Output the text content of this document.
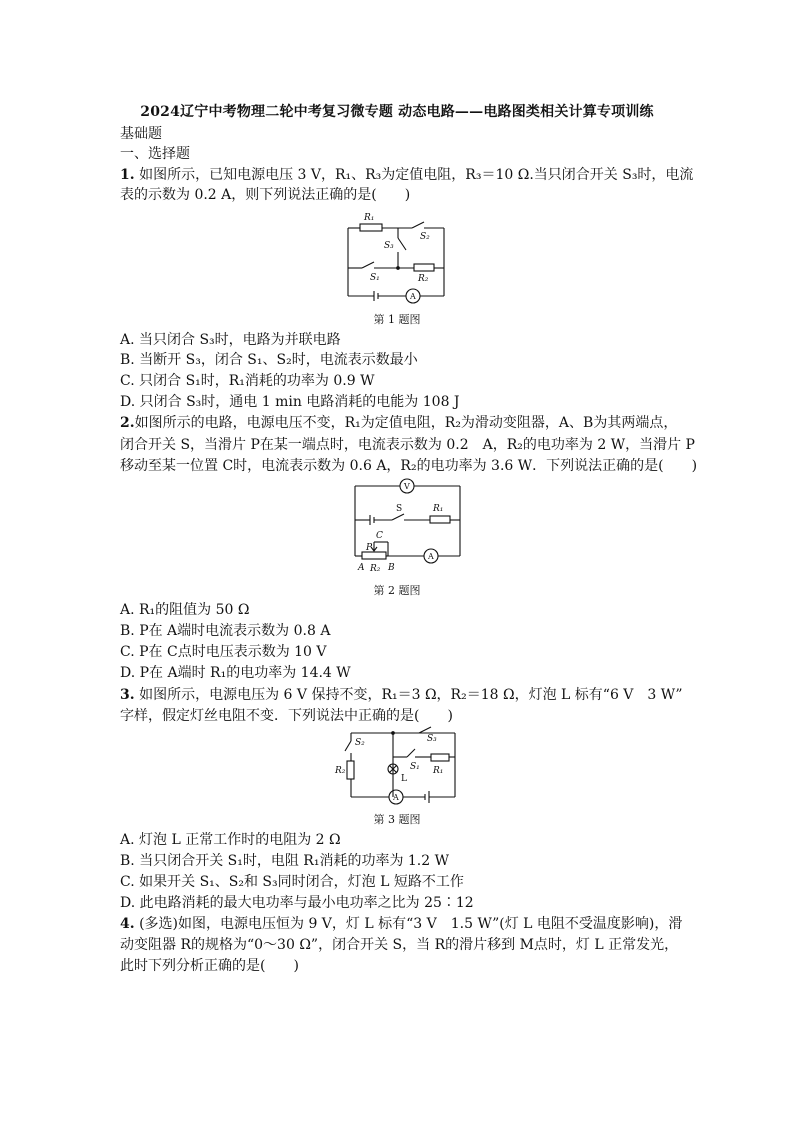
2024辽宁中考物理二轮中考复习微专题 动态电路——电路图类相关计算专项训练
基础题
一、选择题
1. 如图所示，已知电源电压 3 V，R₁、R₃为定值电阻，R₃＝10 Ω.当只闭合开关 S₃时，电流
表的示数为 0.2 A，则下列说法正确的是(　　)
R₁
S₂
S₃
S₁	R₂
A
第 1 题图
A. 当只闭合 S₃时，电路为并联电路
B. 当断开 S₃，闭合 S₁、S₂时，电流表示数最小
C. 只闭合 S₁时，R₁消耗的功率为 0.9 W
D. 只闭合 S₃时，通电 1 min 电路消耗的电能为 108 J
2.如图所示的电路，电源电压不变，R₁为定值电阻，R₂为滑动变阻器，A、B为其两端点，
闭合开关 S，当滑片 P在某一端点时，电流表示数为 0.2　A，R₂的电功率为 2 W，当滑片 P
移动至某一位置 C时，电流表示数为 0.6 A，R₂的电功率为 3.6 W．下列说法正确的是(　　)
V
S	R₁
C
P
A R₂ B
A
第 2 题图
A. R₁的阻值为 50 Ω
B. P在 A端时电流表示数为 0.8 A
C. P在 C点时电压表示数为 10 V
D. P在 A端时 R₁的电功率为 14.4 W
3. 如图所示，电源电压为 6 V 保持不变，R₁＝3 Ω，R₂＝18 Ω，灯泡 L 标有“6 V　3 W”
字样，假定灯丝电阻不变．下列说法中正确的是(　　)
S₂	S₃
S₁
R₂
L
R₁
A
第 3 题图
A. 灯泡 L 正常工作时的电阻为 2 Ω
B. 当只闭合开关 S₁时，电阻 R₁消耗的功率为 1.2 W
C. 如果开关 S₁、S₂和 S₃同时闭合，灯泡 L 短路不工作
D. 此电路消耗的最大电功率与最小电功率之比为 25∶12
4. (多选)如图，电源电压恒为 9 V，灯 L 标有“3 V　1.5 W”(灯 L 电阻不受温度影响)，滑
动变阻器 R的规格为“0～30 Ω”，闭合开关 S，当 R的滑片移到 M点时，灯 L 正常发光，
此时下列分析正确的是(　　)
